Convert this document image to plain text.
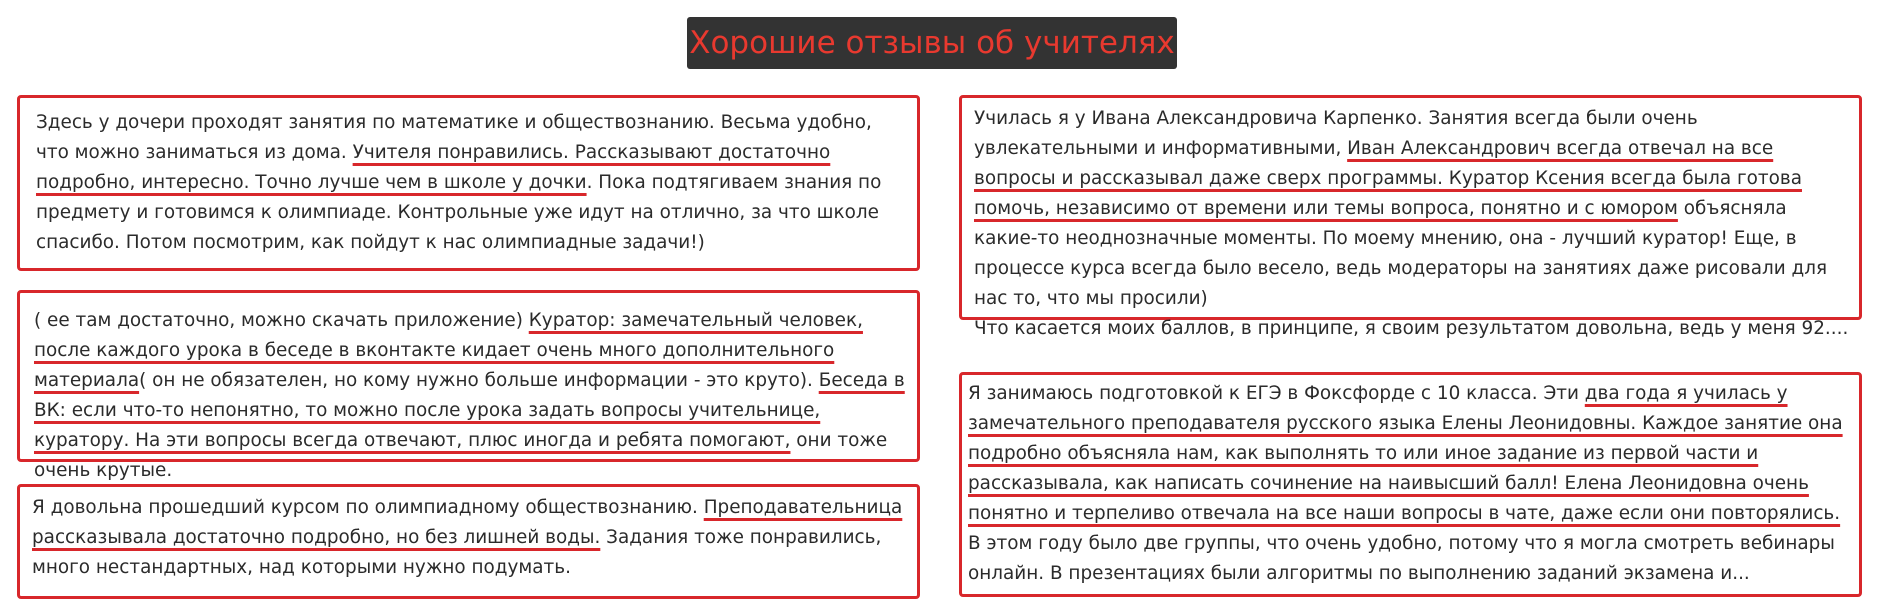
Хорошие отзывы об учителях

Здесь у дочери проходят занятия по математике и обществознанию. Весьма удобно, что можно заниматься из дома. Учителя понравились. Рассказывают достаточно подробно, интересно. Точно лучше чем в школе у дочки. Пока подтягиваем знания по предмету и готовимся к олимпиаде. Контрольные уже идут на отлично, за что школе спасибо. Потом посмотрим, как пойдут к нас олимпиадные задачи!)

( ее там достаточно, можно скачать приложение) Куратор: замечательный человек, после каждого урока в беседе в вконтакте кидает очень много дополнительного материала( он не обязателен, но кому нужно больше информации - это круто). Беседа в ВК: если что-то непонятно, то можно после урока задать вопросы учительнице, куратору. На эти вопросы всегда отвечают, плюс иногда и ребята помогают, они тоже очень крутые.

Я довольна прошедший курсом по олимпиадному обществознанию. Преподавательница рассказывала достаточно подробно, но без лишней воды. Задания тоже понравились, много нестандартных, над которыми нужно подумать.

Училась я у Ивана Александровича Карпенко. Занятия всегда были очень увлекательными и информативными, Иван Александрович всегда отвечал на все вопросы и рассказывал даже сверх программы. Куратор Ксения всегда была готова помочь, независимо от времени или темы вопроса, понятно и с юмором объясняла какие-то неоднозначные моменты. По моему мнению, она - лучший куратор! Еще, в процессе курса всегда было весело, ведь модераторы на занятиях даже рисовали для нас то, что мы просили)
Что касается моих баллов, в принципе, я своим результатом довольна, ведь у меня 92....

Я занимаюсь подготовкой к ЕГЭ в Фоксфорде с 10 класса. Эти два года я училась у замечательного преподавателя русского языка Елены Леонидовны. Каждое занятие она подробно объясняла нам, как выполнять то или иное задание из первой части и рассказывала, как написать сочинение на наивысший балл! Елена Леонидовна очень понятно и терпеливо отвечала на все наши вопросы в чате, даже если они повторялись. В этом году было две группы, что очень удобно, потому что я могла смотреть вебинары онлайн. В презентациях были алгоритмы по выполнению заданий экзамена и...
